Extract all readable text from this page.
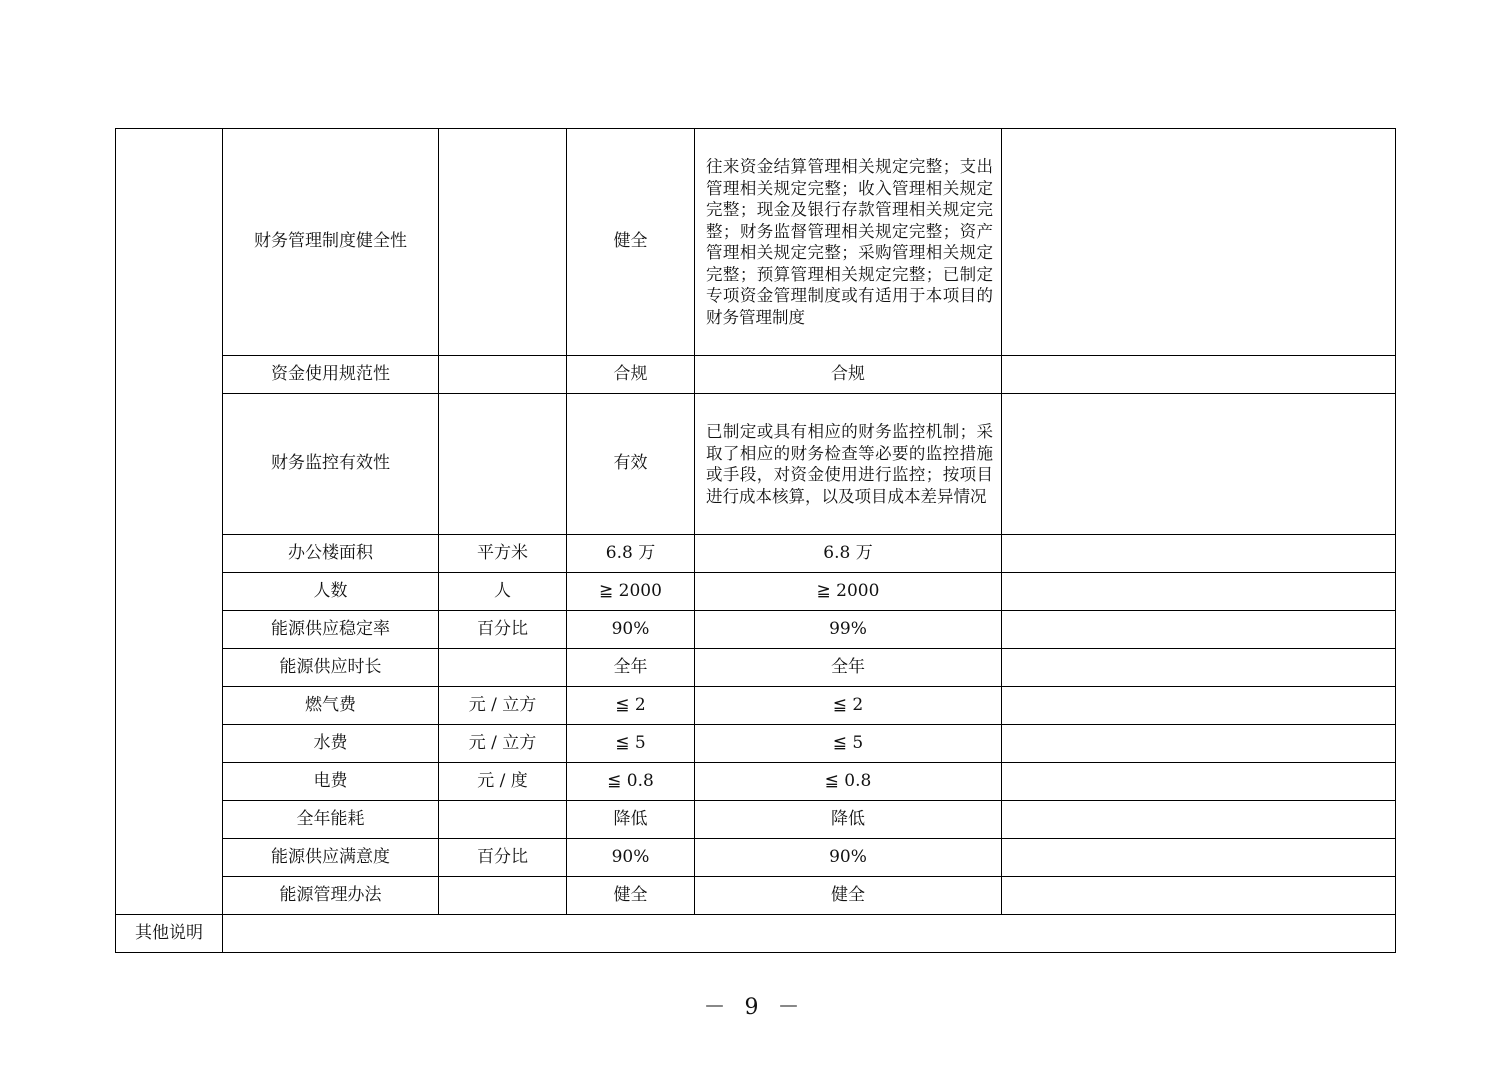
	财务管理制度健全性		健全	往来资金结算管理相关规定完整；支出管理相关规定完整；收入管理相关规定完整；现金及银行存款管理相关规定完整；财务监督管理相关规定完整；资产管理相关规定完整；采购管理相关规定完整；预算管理相关规定完整；已制定专项资金管理制度或有适用于本项目的财务管理制度	
	资金使用规范性		合规	合规	
	财务监控有效性		有效	已制定或具有相应的财务监控机制；采取了相应的财务检查等必要的监控措施或手段，对资金使用进行监控；按项目进行成本核算，以及项目成本差异情况	
	办公楼面积	平方米	6.8 万	6.8 万	
	人数	人	≧ 2000	≧ 2000	
	能源供应稳定率	百分比	90%	99%	
	能源供应时长		全年	全年	
	燃气费	元 / 立方	≦ 2	≦ 2	
	水费	元 / 立方	≦ 5	≦ 5	
	电费	元 / 度	≦ 0.8	≦ 0.8	
	全年能耗		降低	降低	
	能源供应满意度	百分比	90%	90%	
	能源管理办法		健全	健全	
其他说明					
－ 9 －
